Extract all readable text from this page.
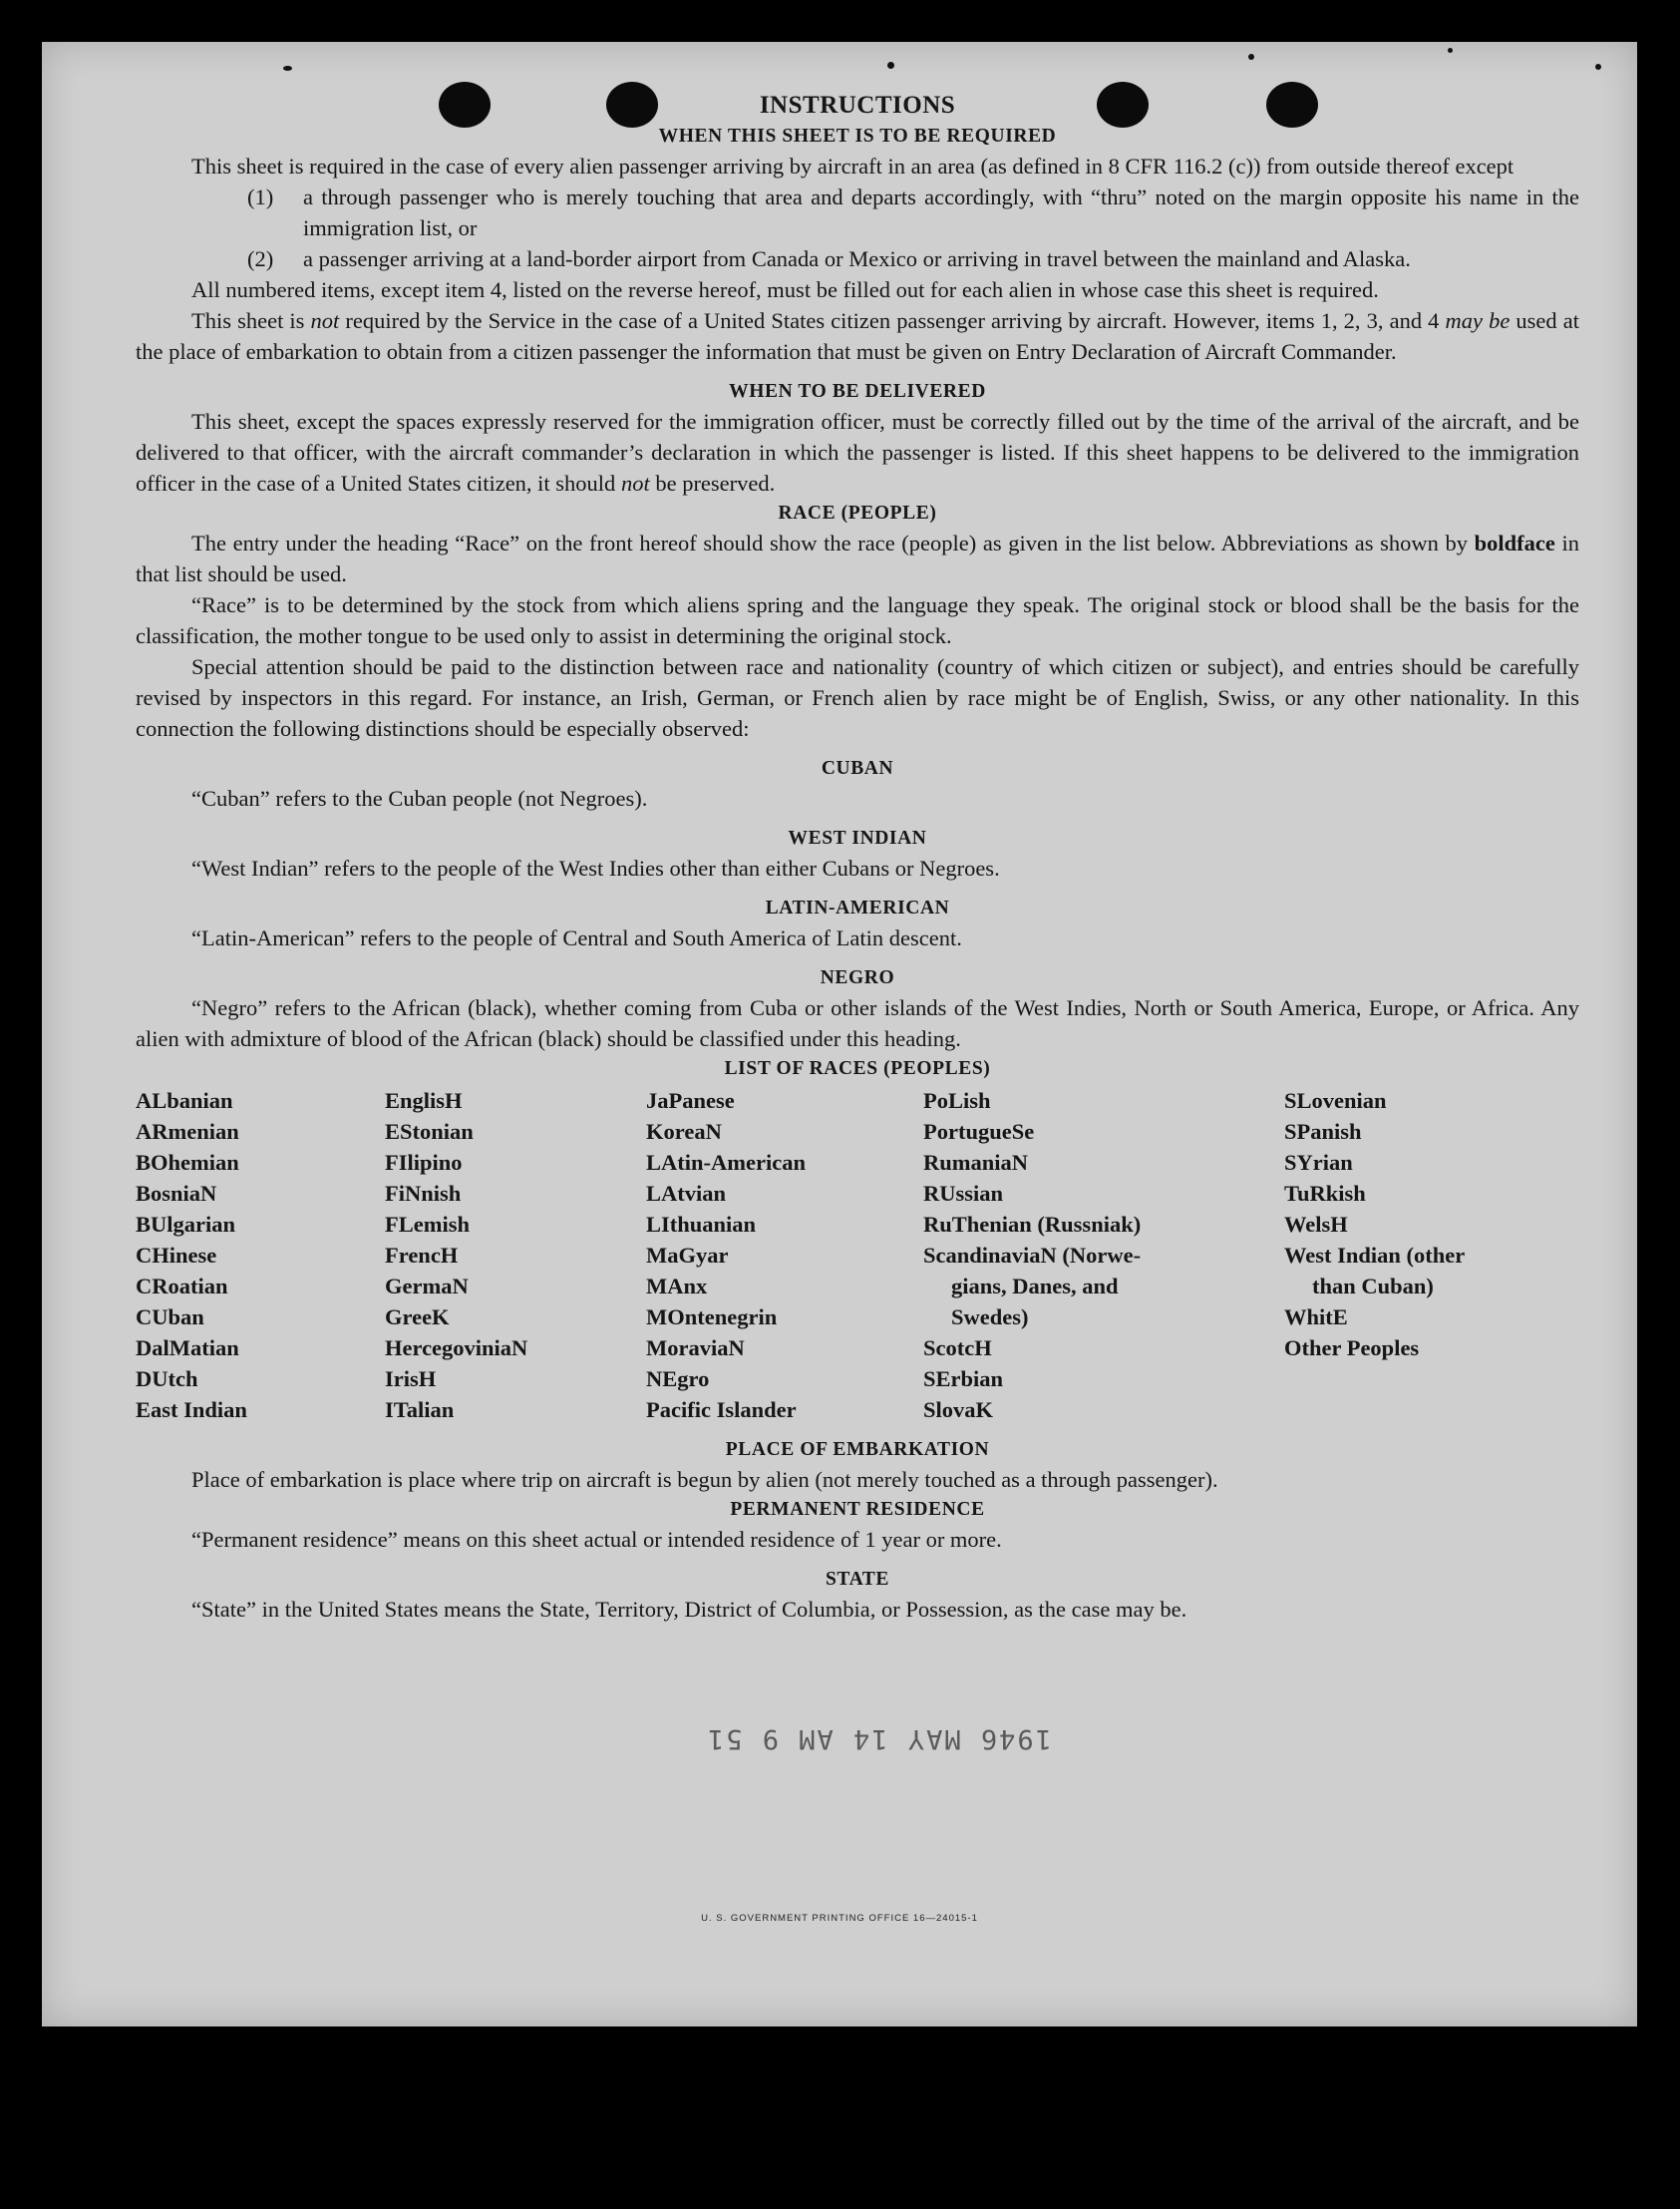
INSTRUCTIONS
WHEN THIS SHEET IS TO BE REQUIRED

This sheet is required in the case of every alien passenger arriving by aircraft in an area (as defined in 8 CFR 116.2 (c)) from outside thereof except

(1)	a through passenger who is merely touching that area and departs accordingly, with “thru” noted on the margin opposite his name in the immigration list, or
(2)	a passenger arriving at a land-border airport from Canada or Mexico or arriving in travel between the mainland and Alaska.

All numbered items, except item 4, listed on the reverse hereof, must be filled out for each alien in whose case this sheet is required.

This sheet is not required by the Service in the case of a United States citizen passenger arriving by aircraft. However, items 1, 2, 3, and 4 may be used at the place of embarkation to obtain from a citizen passenger the information that must be given on Entry Declaration of Aircraft Commander.

WHEN TO BE DELIVERED

This sheet, except the spaces expressly reserved for the immigration officer, must be correctly filled out by the time of the arrival of the aircraft, and be delivered to that officer, with the aircraft commander’s declaration in which the passenger is listed. If this sheet happens to be delivered to the immigration officer in the case of a United States citizen, it should not be preserved.

RACE (PEOPLE)

The entry under the heading “Race” on the front hereof should show the race (people) as given in the list below. Abbreviations as shown by boldface in that list should be used.

“Race” is to be determined by the stock from which aliens spring and the language they speak. The original stock or blood shall be the basis for the classification, the mother tongue to be used only to assist in determining the original stock.

Special attention should be paid to the distinction between race and nationality (country of which citizen or subject), and entries should be carefully revised by inspectors in this regard. For instance, an Irish, German, or French alien by race might be of English, Swiss, or any other nationality. In this connection the following distinctions should be especially observed:

CUBAN

“Cuban” refers to the Cuban people (not Negroes).

WEST INDIAN

“West Indian” refers to the people of the West Indies other than either Cubans or Negroes.

LATIN-AMERICAN

“Latin-American” refers to the people of Central and South America of Latin descent.

NEGRO

“Negro” refers to the African (black), whether coming from Cuba or other islands of the West Indies, North or South America, Europe, or Africa. Any alien with admixture of blood of the African (black) should be classified under this heading.

LIST OF RACES (PEOPLES)
ALbanian
ARmenian
BOhemian
BosniaN
BUlgarian
CHinese
CRoatian
CUban
DalMatian
DUtch
East Indian
EnglisH
EStonian
FIlipino
FiNnish
FLemish
FrencH
GermaN
GreeK
HercegoviniaN
IrisH
ITalian
JaPanese
KoreaN
LAtin-American
LAtvian
LIthuanian
MaGyar
MAnx
MOntenegrin
MoraviaN
NEgro
Pacific Islander
PoLish
PortugueSe
RumaniaN
RUssian
RuThenian (Russniak)
ScandinaviaN (Norwe-
gians, Danes, and
Swedes)
ScotcH
SErbian
SlovaK
SLovenian
SPanish
SYrian
TuRkish
WelsH
West Indian (other
than Cuban)
WhitE
Other Peoples
PLACE OF EMBARKATION

Place of embarkation is place where trip on aircraft is begun by alien (not merely touched as a through passenger).

PERMANENT RESIDENCE

“Permanent residence” means on this sheet actual or intended residence of 1 year or more.

STATE

“State” in the United States means the State, Territory, District of Columbia, or Possession, as the case may be.

1946 MAY 14 AM 9 51
U. S. GOVERNMENT PRINTING OFFICE 16—24015-1
